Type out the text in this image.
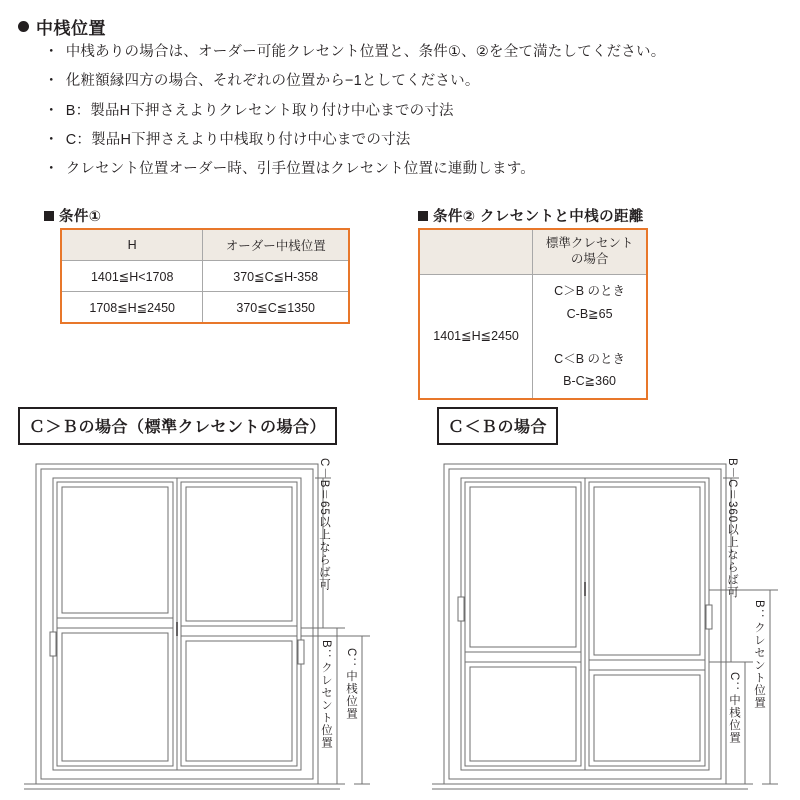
中桟位置
・ 中桟ありの場合は、オーダー可能クレセント位置と、条件①、②を全て満たしてください。
・ 化粧額縁四方の場合、それぞれの位置から−1としてください。
・ B：製品H下押さえよりクレセント取り付け中心までの寸法
・ C：製品H下押さえより中桟取り付け中心までの寸法
・ クレセント位置オーダー時、引手位置はクレセント位置に連動します。
条件①	条件② クレセントと中桟の距離
H	オーダー中桟位置
1401≦H<1708	370≦C≦H-358
1708≦H≦2450	370≦C≦1350
	標準クレセント
の場合
1401≦H≦2450	C＞B のとき
C-B≧65

C＜B のとき
B-C≧360
Ｃ＞Ｂの場合（標準クレセントの場合）	Ｃ＜Ｂの場合
C－B＝65以上ならば可
B：クレセント位置 C：中桟位置
B－C＝360以上ならば可
C：中桟位置 B：クレセント位置
